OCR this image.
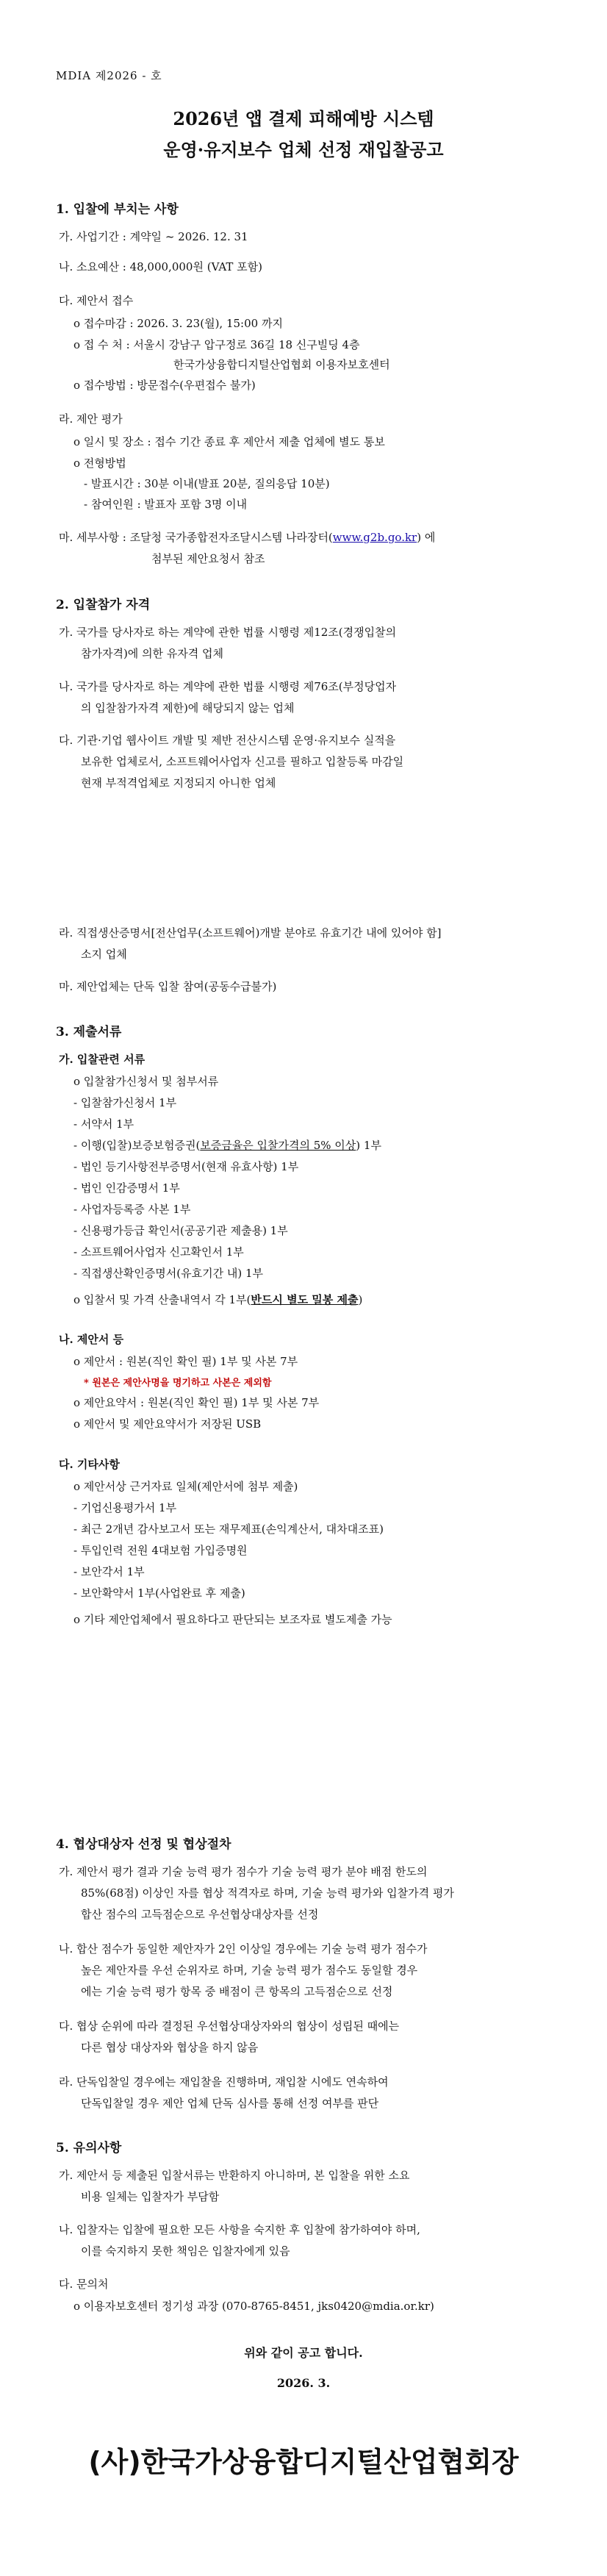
MDIA 제2026 - 호
2026년 앱 결제 피해예방 시스템
운영·유지보수 업체 선정 재입찰공고
1. 입찰에 부치는 사항
가. 사업기간 : 계약일 ~ 2026. 12. 31
나. 소요예산 : 48,000,000원 (VAT 포함)
다. 제안서 접수
o 접수마감 : 2026. 3. 23(월), 15:00 까지
o 접 수 처 : 서울시 강남구 압구정로 36길 18 신구빌딩 4층
한국가상융합디지털산업협회 이용자보호센터
o 접수방법 : 방문접수(우편접수 불가)
라. 제안 평가
o 일시 및 장소 : 접수 기간 종료 후 제안서 제출 업체에 별도 통보
o 전형방법
- 발표시간 : 30분 이내(발표 20분, 질의응답 10분)
- 참여인원 : 발표자 포함 3명 이내
마. 세부사항 : 조달청 국가종합전자조달시스템 나라장터(www.g2b.go.kr) 에
첨부된 제안요청서 참조
2. 입찰참가 자격
가. 국가를 당사자로 하는 계약에 관한 법률 시행령 제12조(경쟁입찰의
참가자격)에 의한 유자격 업체
나. 국가를 당사자로 하는 계약에 관한 법률 시행령 제76조(부정당업자
의 입찰참가자격 제한)에 해당되지 않는 업체
다. 기관·기업 웹사이트 개발 및 제반 전산시스템 운영·유지보수 실적을
보유한 업체로서, 소프트웨어사업자 신고를 필하고 입찰등록 마감일
현재 부적격업체로 지정되지 아니한 업체
라. 직접생산증명서[전산업무(소프트웨어)개발 분야로 유효기간 내에 있어야 함]
소지 업체
마. 제안업체는 단독 입찰 참여(공동수급불가)
3. 제출서류
가. 입찰관련 서류
o 입찰참가신청서 및 첨부서류
- 입찰참가신청서 1부
- 서약서 1부
- 이행(입찰)보증보험증권(보증금율은 입찰가격의 5% 이상) 1부
- 법인 등기사항전부증명서(현재 유효사항) 1부
- 법인 인감증명서 1부
- 사업자등록증 사본 1부
- 신용평가등급 확인서(공공기관 제출용) 1부
- 소프트웨어사업자 신고확인서 1부
- 직접생산확인증명서(유효기간 내) 1부
o 입찰서 및 가격 산출내역서 각 1부(반드시 별도 밀봉 제출)
나. 제안서 등
o 제안서 : 원본(직인 확인 필) 1부 및 사본 7부
* 원본은 제안사명을 명기하고 사본은 제외함
o 제안요약서 : 원본(직인 확인 필) 1부 및 사본 7부
o 제안서 및 제안요약서가 저장된 USB
다. 기타사항
o 제안서상 근거자료 일체(제안서에 첨부 제출)
- 기업신용평가서 1부
- 최근 2개년 감사보고서 또는 재무제표(손익계산서, 대차대조표)
- 투입인력 전원 4대보험 가입증명원
- 보안각서 1부
- 보안확약서 1부(사업완료 후 제출)
o 기타 제안업체에서 필요하다고 판단되는 보조자료 별도제출 가능
4. 협상대상자 선정 및 협상절차
가. 제안서 평가 결과 기술 능력 평가 점수가 기술 능력 평가 분야 배점 한도의
85%(68점) 이상인 자를 협상 적격자로 하며, 기술 능력 평가와 입찰가격 평가
합산 점수의 고득점순으로 우선협상대상자를 선정
나. 합산 점수가 동일한 제안자가 2인 이상일 경우에는 기술 능력 평가 점수가
높은 제안자를 우선 순위자로 하며, 기술 능력 평가 점수도 동일할 경우
에는 기술 능력 평가 항목 중 배점이 큰 항목의 고득점순으로 선정
다. 협상 순위에 따라 결정된 우선협상대상자와의 협상이 성립된 때에는
다른 협상 대상자와 협상을 하지 않음
라. 단독입찰일 경우에는 재입찰을 진행하며, 재입찰 시에도 연속하여
단독입찰일 경우 제안 업체 단독 심사를 통해 선정 여부를 판단
5. 유의사항
가. 제안서 등 제출된 입찰서류는 반환하지 아니하며, 본 입찰을 위한 소요
비용 일체는 입찰자가 부담함
나. 입찰자는 입찰에 필요한 모든 사항을 숙지한 후 입찰에 참가하여야 하며,
이를 숙지하지 못한 책임은 입찰자에게 있음
다. 문의처
o 이용자보호센터 정기성 과장 (070-8765-8451, jks0420@mdia.or.kr)
위와 같이 공고 합니다.
2026. 3.
(사)한국가상융합디지털산업협회장
